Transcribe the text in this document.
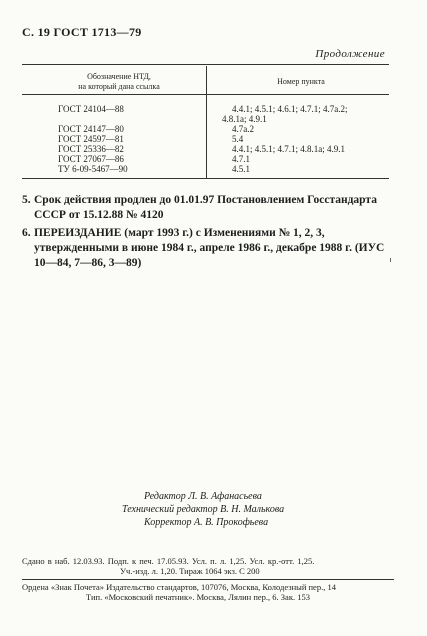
С. 19 ГОСТ 1713—79
Продолжение
Обозначение НТД,
на который дана ссылка
Номер пункта
ГОСТ 24104—88	4.4.1; 4.5.1; 4.6.1; 4.7.1; 4.7а.2;
4.8.1а; 4.9.1
ГОСТ 24147—80	4.7а.2
ГОСТ 24597—81	5.4
ГОСТ 25336—82	4.4.1; 4.5.1; 4.7.1; 4.8.1а; 4.9.1
ГОСТ 27067—86	4.7.1
ТУ 6-09-5467—90	4.5.1
5. Срок действия продлен до 01.01.97 Постановлением Госстандарта СССР от 15.12.88 № 4120
6. ПЕРЕИЗДАНИЕ (март 1993 г.) с Изменениями № 1, 2, 3, утвержденными в июне 1984 г., апреле 1986 г., декабре 1988 г. (ИУС 10—84, 7—86, 3—89)
Редактор Л. В. Афанасьева
Технический редактор В. Н. Малькова
Корректор А. В. Прокофьева
Сдано в наб. 12.03.93. Подп. к печ. 17.05.93. Усл. п. л. 1,25. Усл. кр.-отт. 1,25.
Уч.-изд. л. 1,20. Тираж 1064 экз. С 200
Ордена «Знак Почета» Издательство стандартов, 107076, Москва, Колодезный пер., 14
Тип. «Московский печатник». Москва, Лялин пер., 6. Зак. 153
